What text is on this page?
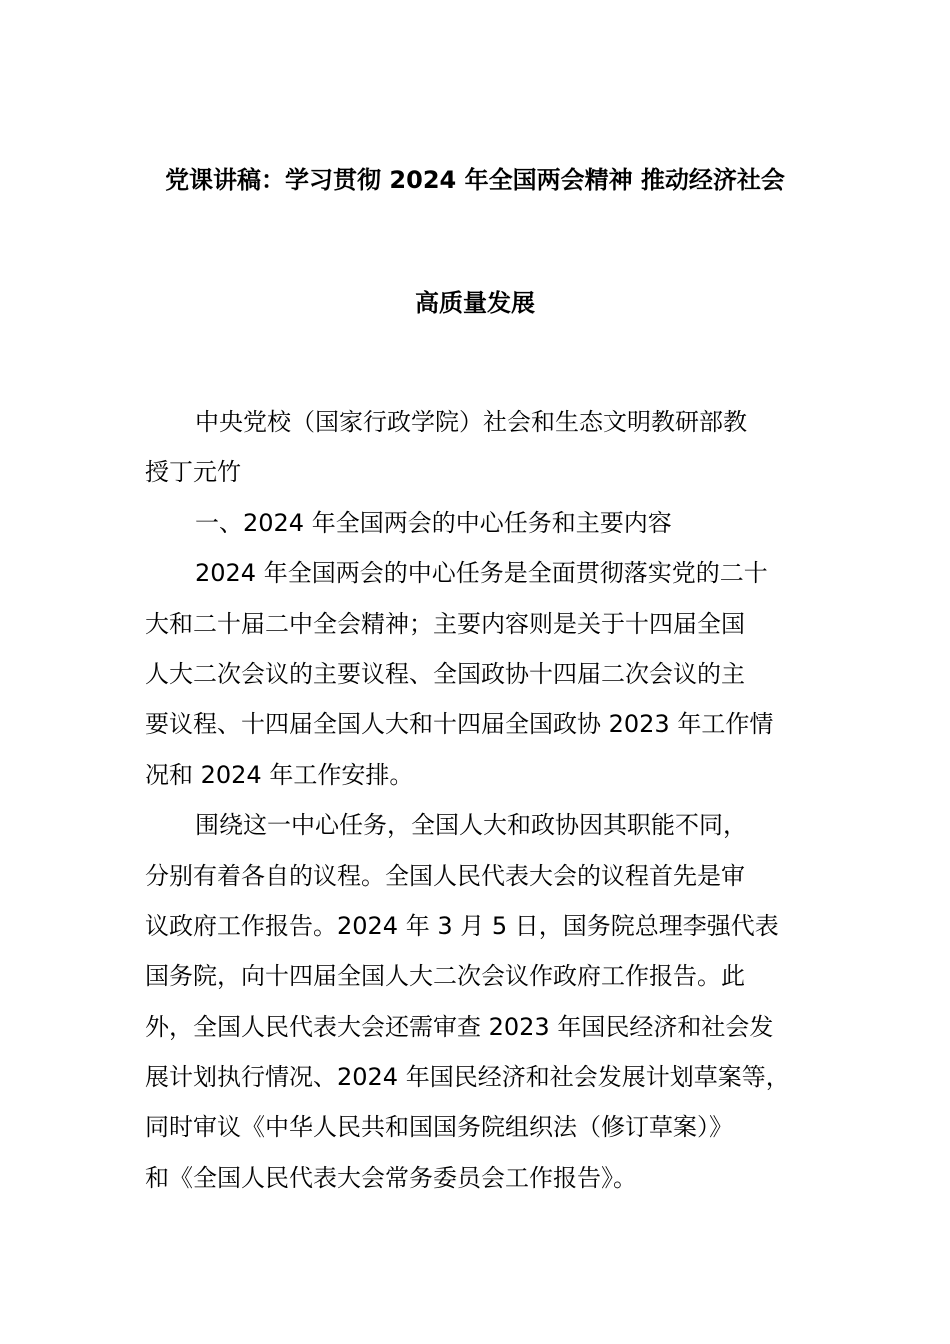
党课讲稿：学习贯彻 2024 年全国两会精神 推动经济社会
高质量发展
中央党校（国家行政学院）社会和生态文明教研部教
授丁元竹
一、2024 年全国两会的中心任务和主要内容
2024 年全国两会的中心任务是全面贯彻落实党的二十
大和二十届二中全会精神；主要内容则是关于十四届全国
人大二次会议的主要议程、全国政协十四届二次会议的主
要议程、十四届全国人大和十四届全国政协 2023 年工作情
况和 2024 年工作安排。
围绕这一中心任务，全国人大和政协因其职能不同，
分别有着各自的议程。全国人民代表大会的议程首先是审
议政府工作报告。2024 年 3 月 5 日，国务院总理李强代表
国务院，向十四届全国人大二次会议作政府工作报告。此
外，全国人民代表大会还需审查 2023 年国民经济和社会发
展计划执行情况、2024 年国民经济和社会发展计划草案等，
同时审议《中华人民共和国国务院组织法（修订草案）》
和《全国人民代表大会常务委员会工作报告》。
